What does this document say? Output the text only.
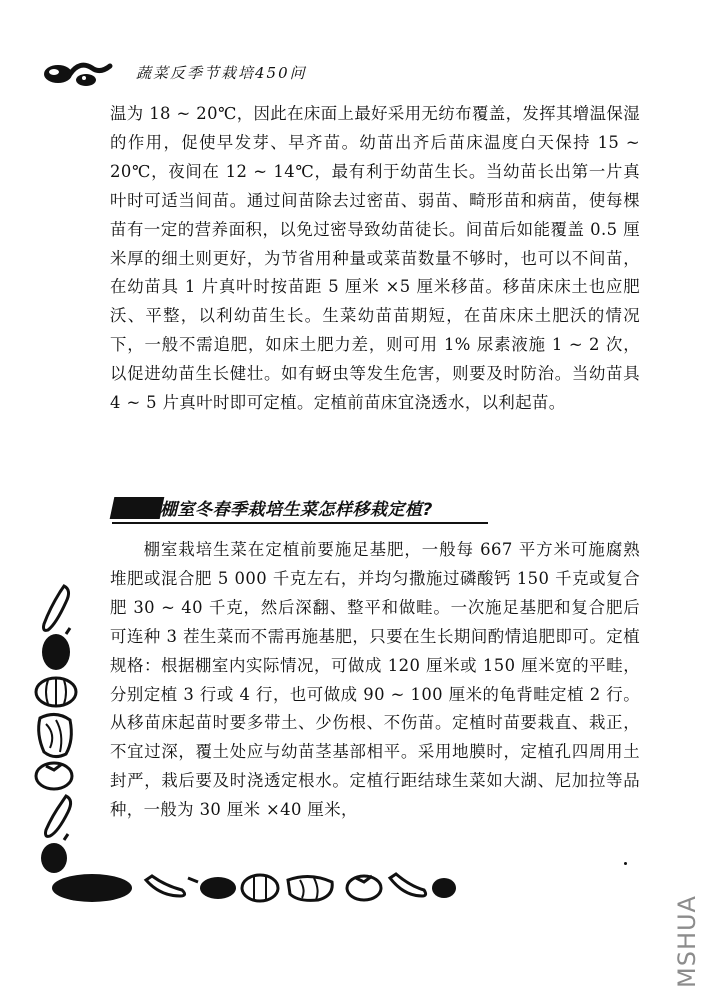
蔬菜反季节栽培450问

温为 18 ~ 20℃，因此在床面上最好采用无纺布覆盖，发挥其增温保湿的作用，促使早发芽、早齐苗。幼苗出齐后苗床温度白天保持 15 ~ 20℃，夜间在 12 ~ 14℃，最有利于幼苗生长。当幼苗长出第一片真叶时可适当间苗。通过间苗除去过密苗、弱苗、畸形苗和病苗，使每棵苗有一定的营养面积，以免过密导致幼苗徒长。间苗后如能覆盖 0.5 厘米厚的细土则更好，为节省用种量或菜苗数量不够时，也可以不间苗，在幼苗具 1 片真叶时按苗距 5 厘米 ×5 厘米移苗。移苗床床土也应肥沃、平整，以利幼苗生长。生菜幼苗苗期短，在苗床床土肥沃的情况下，一般不需追肥，如床土肥力差，则可用 1% 尿素液施 1 ~ 2 次，以促进幼苗生长健壮。如有蚜虫等发生危害，则要及时防治。当幼苗具 4 ~ 5 片真叶时即可定植。定植前苗床宜浇透水，以利起苗。

棚室冬春季栽培生菜怎样移栽定植?

棚室栽培生菜在定植前要施足基肥，一般每 667 平方米可施腐熟堆肥或混合肥 5 000 千克左右，并均匀撒施过磷酸钙 150 千克或复合肥 30 ~ 40 千克，然后深翻、整平和做畦。一次施足基肥和复合肥后可连种 3 茬生菜而不需再施基肥，只要在生长期间酌情追肥即可。定植规格：根据棚室内实际情况，可做成 120 厘米或 150 厘米宽的平畦，分别定植 3 行或 4 行，也可做成 90 ~ 100 厘米的龟背畦定植 2 行。从移苗床起苗时要多带土、少伤根、不伤苗。定植时苗要栽直、栽正，不宜过深，覆土处应与幼苗茎基部相平。采用地膜时，定植孔四周用土封严，栽后要及时浇透定根水。定植行距结球生菜如大湖、尼加拉等品种，一般为 30 厘米 ×40 厘米，

MSHUA
